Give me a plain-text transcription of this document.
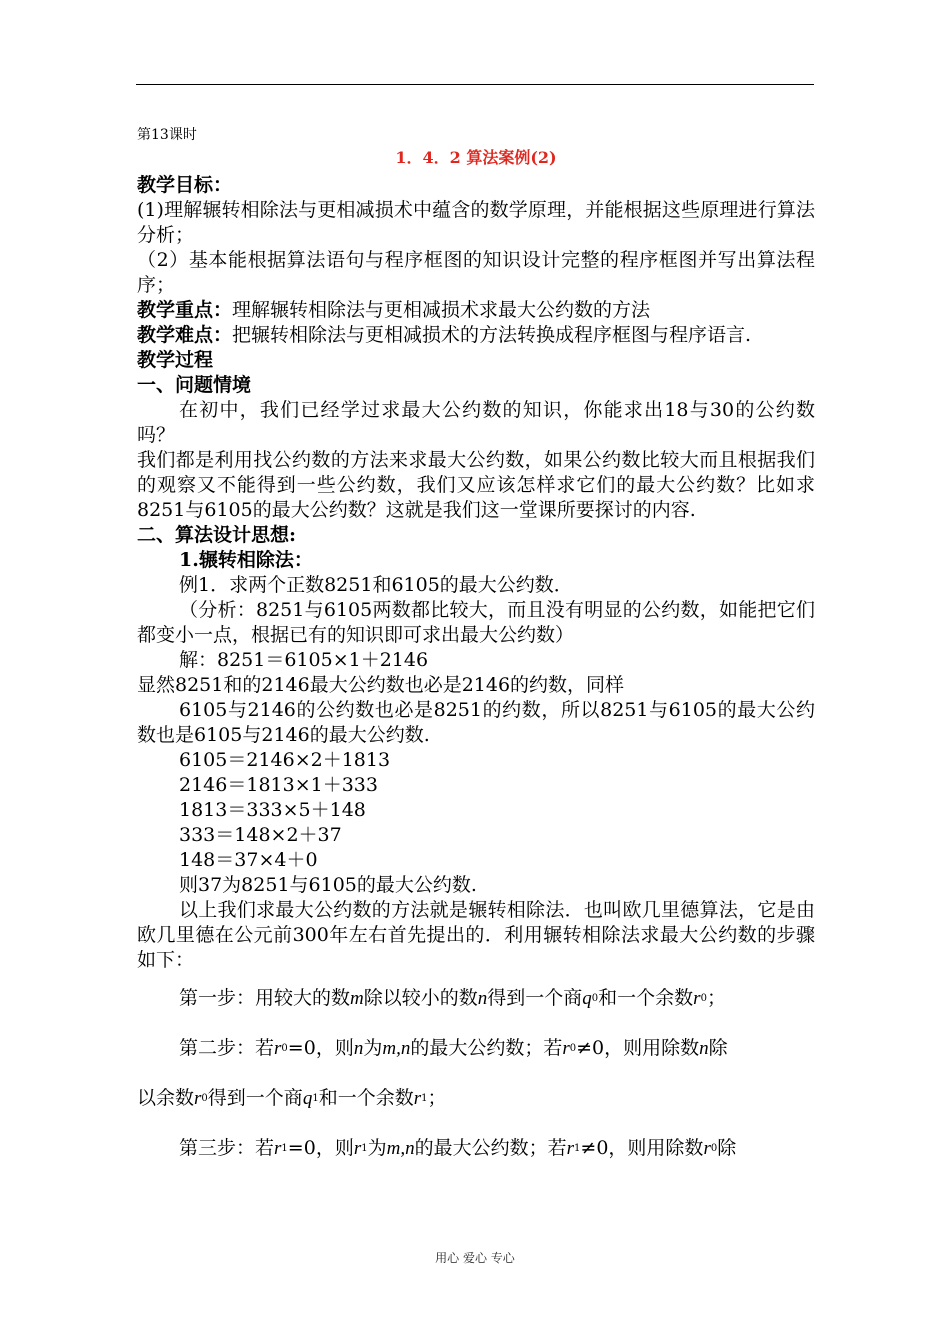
第13课时
1．4．2 算法案例(2)

教学目标：

(1)理解辗转相除法与更相减损术中蕴含的数学原理，并能根据这些原理进行算法分析；

（2）基本能根据算法语句与程序框图的知识设计完整的程序框图并写出算法程序；

教学重点：理解辗转相除法与更相减损术求最大公约数的方法

教学难点：把辗转相除法与更相减损术的方法转换成程序框图与程序语言.

教学过程

一、问题情境

在初中，我们已经学过求最大公约数的知识，你能求出18与30的公约数吗？

我们都是利用找公约数的方法来求最大公约数，如果公约数比较大而且根据我们的观察又不能得到一些公约数，我们又应该怎样求它们的最大公约数？比如求8251与6105的最大公约数？这就是我们这一堂课所要探讨的内容.

二、算法设计思想:

1.辗转相除法：

例1．求两个正数8251和6105的最大公约数．

（分析：8251与6105两数都比较大，而且没有明显的公约数，如能把它们都变小一点，根据已有的知识即可求出最大公约数）

解：8251＝6105×1＋2146

显然8251和的2146最大公约数也必是2146的约数，同样

6105与2146的公约数也必是8251的约数，所以8251与6105的最大公约数也是6105与2146的最大公约数.

6105＝2146×2＋1813

2146＝1813×1＋333

1813＝333×5＋148

333＝148×2＋37

148＝37×4＋0

则37为8251与6105的最大公约数.

以上我们求最大公约数的方法就是辗转相除法．也叫欧几里德算法，它是由欧几里德在公元前300年左右首先提出的．利用辗转相除法求最大公约数的步骤如下：

第一步：用较大的数 m 除以较小的数 n 得到一个商 q 0 和一个余数 r 0 ；
第二步：若 r 0 =0 ，则 n 为 m,n 的最大公约数；若 r 0 ≠0 ，则用除数 n 除
以余数 r 0 得到一个商 q 1 和一个余数 r 1 ；
第三步：若 r 1 =0 ，则 r 1 为 m,n 的最大公约数；若 r 1 ≠0 ，则用除数 r 0 除
用心 爱心 专心
